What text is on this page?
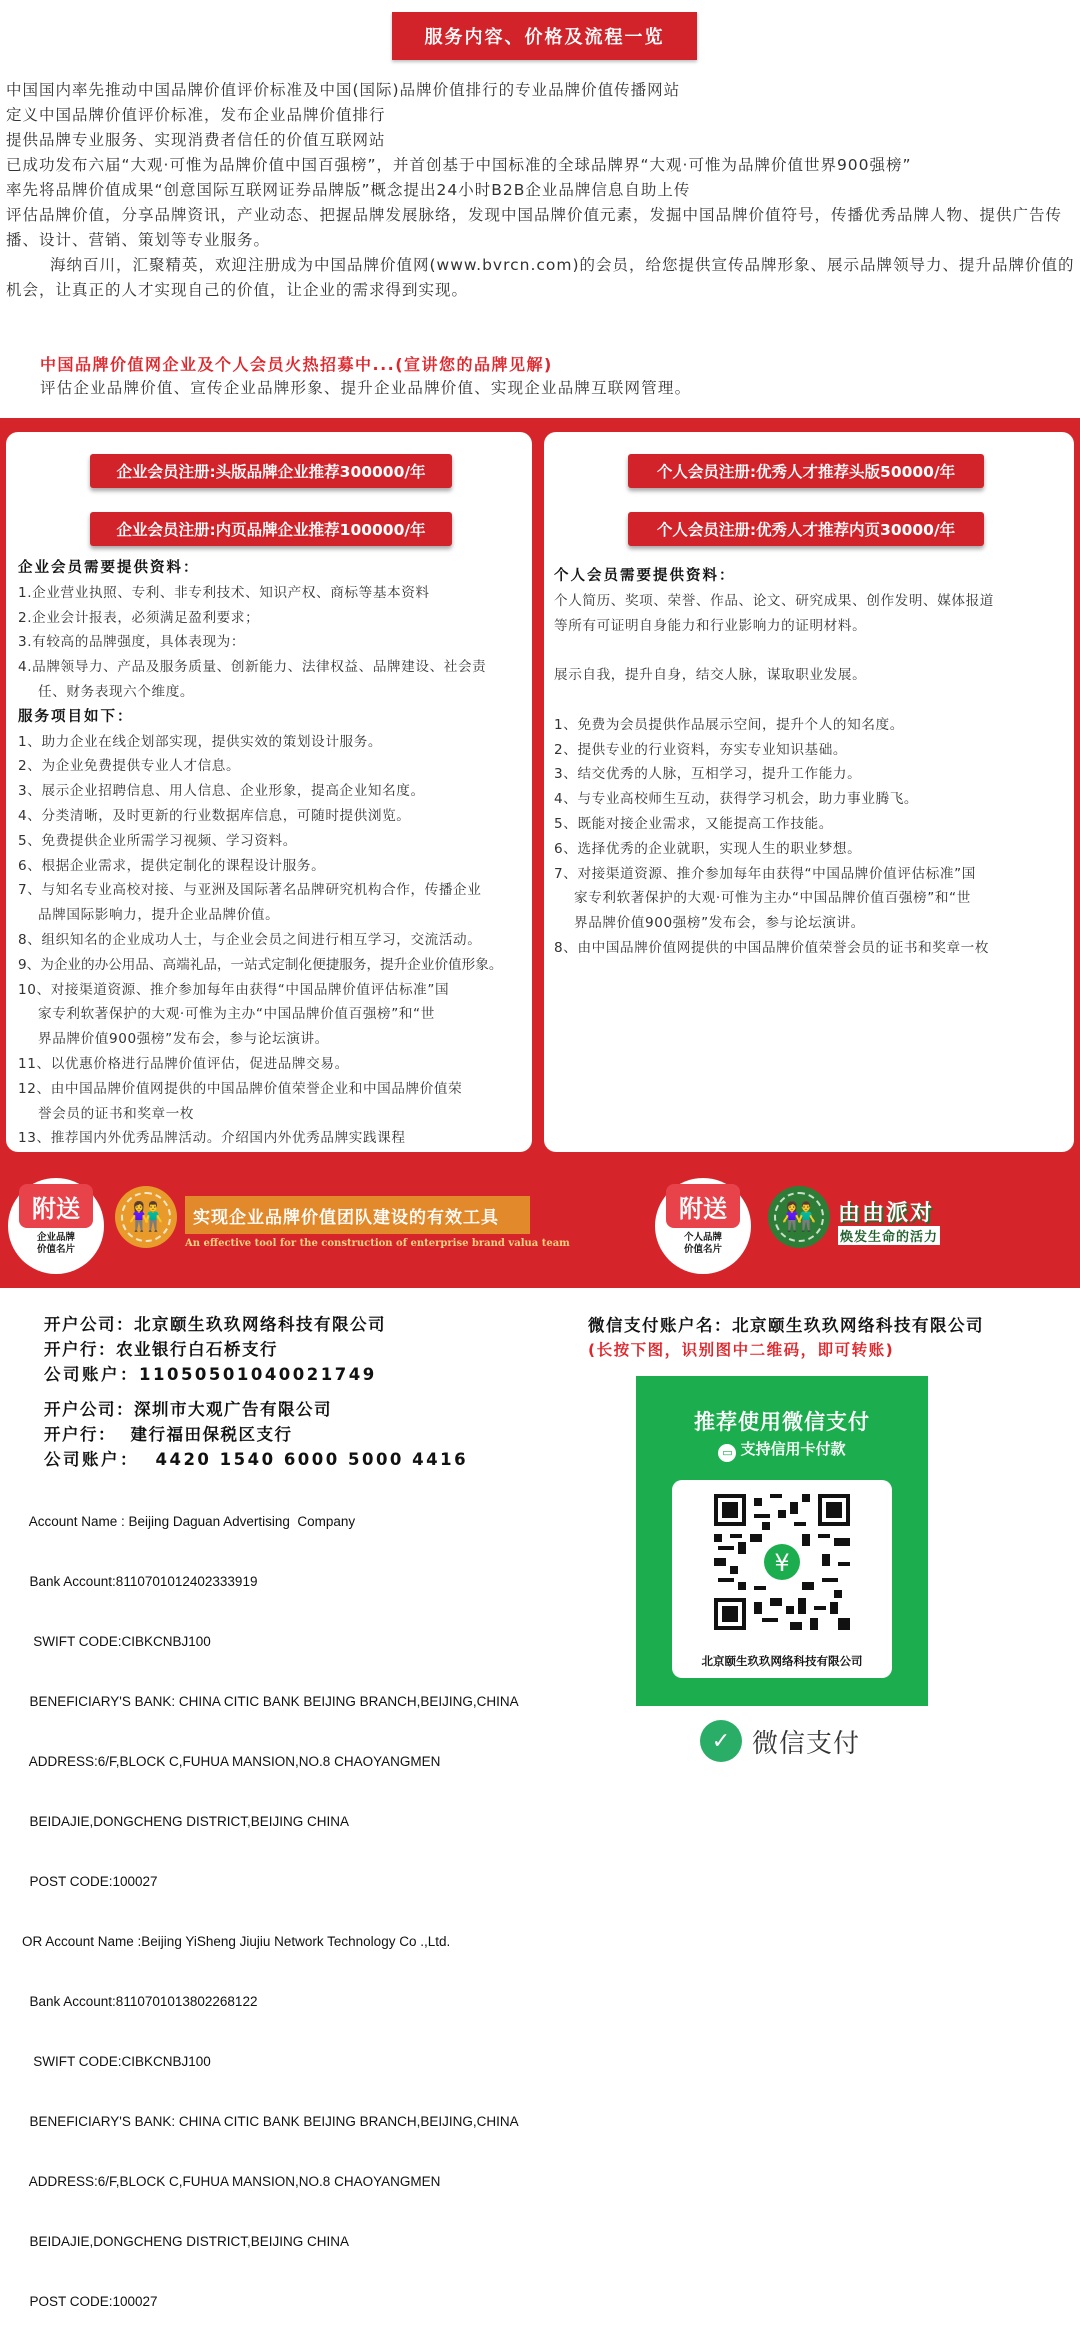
服务内容、价格及流程一览

中国国内率先推动中国品牌价值评价标准及中国(国际)品牌价值排行的专业品牌价值传播网站

定义中国品牌价值评价标准，发布企业品牌价值排行

提供品牌专业服务、实现消费者信任的价值互联网站

已成功发布六届“大观·可惟为品牌价值中国百强榜”，并首创基于中国标准的全球品牌界“大观·可惟为品牌价值世界900强榜”

率先将品牌价值成果“创意国际互联网证券品牌版”概念提出24小时B2B企业品牌信息自助上传

评估品牌价值，分享品牌资讯，产业动态、把握品牌发展脉络，发现中国品牌价值元素，发掘中国品牌价值符号，传播优秀品牌人物、提供广告传播、设计、营销、策划等专业服务。

海纳百川，汇聚精英，欢迎注册成为中国品牌价值网(www.bvrcn.com)的会员，给您提供宣传品牌形象、展示品牌领导力、提升品牌价值的机会，让真正的人才实现自己的价值，让企业的需求得到实现。

中国品牌价值网企业及个人会员火热招募中...(宣讲您的品牌见解)
评估企业品牌价值、宣传企业品牌形象、提升企业品牌价值、实现企业品牌互联网管理。
企业会员注册:头版品牌企业推荐300000/年
企业会员注册:内页品牌企业推荐100000/年
企业会员需要提供资料：
1.企业营业执照、专利、非专利技术、知识产权、商标等基本资料
2.企业会计报表，必须满足盈利要求；
3.有较高的品牌强度，具体表现为：
4.品牌领导力、产品及服务质量、创新能力、法律权益、品牌建设、社会责
任、财务表现六个维度。
服务项目如下：
1、助力企业在线企划部实现，提供实效的策划设计服务。
2、为企业免费提供专业人才信息。
3、展示企业招聘信息、用人信息、企业形象，提高企业知名度。
4、分类清晰，及时更新的行业数据库信息，可随时提供浏览。
5、免费提供企业所需学习视频、学习资料。
6、根据企业需求，提供定制化的课程设计服务。
7、与知名专业高校对接、与亚洲及国际著名品牌研究机构合作，传播企业
品牌国际影响力，提升企业品牌价值。
8、组织知名的企业成功人士，与企业会员之间进行相互学习，交流活动。
9、为企业的办公用品、高端礼品，一站式定制化便捷服务，提升企业价值形象。
10、对接渠道资源、推介参加每年由获得“中国品牌价值评估标准”国
家专利软著保护的大观·可惟为主办“中国品牌价值百强榜”和“世
界品牌价值900强榜”发布会，参与论坛演讲。
11、以优惠价格进行品牌价值评估，促进品牌交易。
12、由中国品牌价值网提供的中国品牌价值荣誉企业和中国品牌价值荣
誉会员的证书和奖章一枚
13、推荐国内外优秀品牌活动。介绍国内外优秀品牌实践课程
个人会员注册:优秀人才推荐头版50000/年
个人会员注册:优秀人才推荐内页30000/年
个人会员需要提供资料：
个人简历、奖项、荣誉、作品、论文、研究成果、创作发明、媒体报道
等所有可证明自身能力和行业影响力的证明材料。
展示自我，提升自身，结交人脉，谋取职业发展。
1、免费为会员提供作品展示空间，提升个人的知名度。
2、提供专业的行业资料，夯实专业知识基础。
3、结交优秀的人脉，互相学习，提升工作能力。
4、与专业高校师生互动，获得学习机会，助力事业腾飞。
5、既能对接企业需求，又能提高工作技能。
6、选择优秀的企业就职，实现人生的职业梦想。
7、对接渠道资源、推介参加每年由获得“中国品牌价值评估标准”国
家专利软著保护的大观·可惟为主办“中国品牌价值百强榜”和“世
界品牌价值900强榜”发布会，参与论坛演讲。
8、由中国品牌价值网提供的中国品牌价值荣誉会员的证书和奖章一枚
附送
企业品牌
价值名片
👫	实现企业品牌价值团队建设的有效工具
An effective tool for the construction of enterprise brand valua team
附送
个人品牌
价值名片
👫 由由派对
焕发生命的活力
开户公司：北京颐生玖玖网络科技有限公司
开户行：农业银行白石桥支行
公司账户：11050501040021749
开户公司：深圳市大观广告有限公司
开户行：  建行福田保税区支行
公司账户：  4420 1540 6000 5000 4416

Account Name : Beijing Daguan Advertising  Company

Bank Account:8110701012402333919

SWIFT CODE:CIBKCNBJ100

BENEFICIARY'S BANK: CHINA CITIC BANK BEIJING BRANCH,BEIJING,CHINA

ADDRESS:6/F,BLOCK C,FUHUA MANSION,NO.8 CHAOYANGMEN

BEIDAJIE,DONGCHENG DISTRICT,BEIJING CHINA

POST CODE:100027

OR Account Name :Beijing YiSheng Jiujiu Network Technology Co .,Ltd.

Bank Account:8110701013802268122

SWIFT CODE:CIBKCNBJ100

BENEFICIARY'S BANK: CHINA CITIC BANK BEIJING BRANCH,BEIJING,CHINA

ADDRESS:6/F,BLOCK C,FUHUA MANSION,NO.8 CHAOYANGMEN

BEIDAJIE,DONGCHENG DISTRICT,BEIJING CHINA

POST CODE:100027

微信支付账户名：北京颐生玖玖网络科技有限公司
(长按下图，识别图中二维码，即可转账)
推荐使用微信支付
▭ 支持信用卡付款
¥
北京颐生玖玖网络科技有限公司
✓ 微信支付
